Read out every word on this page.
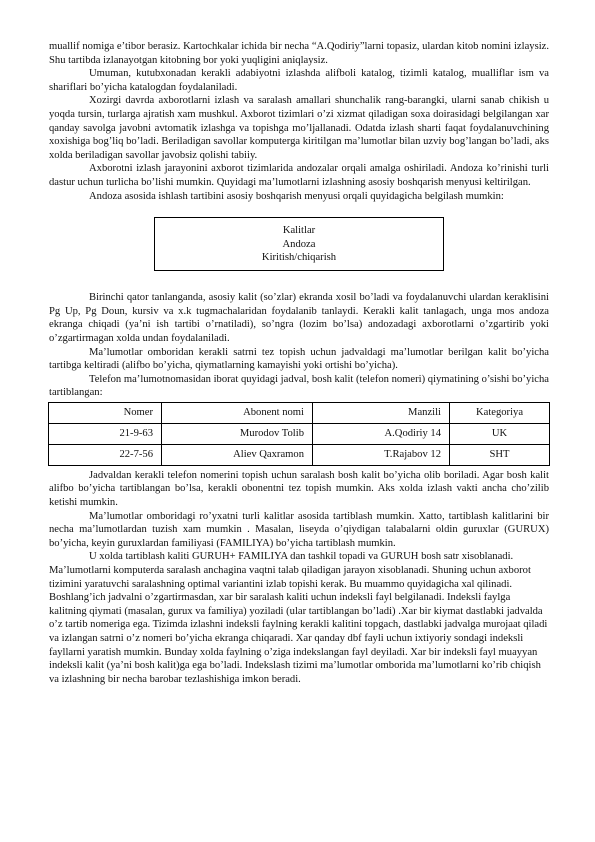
muallif nomiga e’tibor berasiz. Kartochkalar ichida bir necha “A.Qodiriy”larni topasiz, ulardan kitob nomini izlaysiz. Shu tartibda izlanayotgan kitobning bor yoki yuqligini aniqlaysiz.

Umuman, kutubxonadan kerakli adabiyotni izlashda alifboli katalog, tizimli katalog, mualliflar ism va shariflari bo’yicha katalogdan foydalaniladi.

Xozirgi davrda axborotlarni izlash va saralash amallari shunchalik rang-barangki, ularni sanab chikish u yoqda tursin, turlarga ajratish xam mushkul. Axborot tizimlari o’zi xizmat qiladigan soxa doirasidagi belgilangan xar qanday savolga javobni avtomatik izlashga va topishga mo’ljallanadi. Odatda izlash sharti faqat foydalanuvchining xoxishiga bog’liq bo’ladi. Beriladigan savollar komputerga kiritilgan ma’lumotlar bilan uzviy bog’langan bo’ladi, aks xolda beriladigan savollar javobsiz qolishi tabiiy.

Axborotni izlash jarayonini axborot tizimlarida andozalar orqali amalga oshiriladi. Andoza ko’rinishi turli dastur uchun turlicha bo’lishi mumkin. Quyidagi ma’lumotlarni izlashning asosiy boshqarish menyusi keltirilgan.

Andoza asosida ishlash tartibini asosiy boshqarish menyusi orqali quyidagicha belgilash mumkin:

Kalitlar
Andoza
Kiritish/chiqarish

Birinchi qator tanlanganda, asosiy kalit (so’zlar) ekranda xosil bo’ladi va foydalanuvchi ulardan keraklisini Pg Up, Pg Doun, kursiv va x.k tugmachalaridan foydalanib tanlaydi. Kerakli kalit tanlagach, unga mos andoza ekranga chiqadi (ya’ni ish tartibi o’rnatiladi), so’ngra (lozim bo’lsa) andozadagi axborotlarni o’zgartirib yoki o’zgartirmagan xolda undan foydalaniladi.

Ma’lumotlar omboridan kerakli satrni tez topish uchun jadvaldagi ma’lumotlar berilgan kalit bo’yicha tartibga keltiradi (alifbo bo’yicha, qiymatlarning kamayishi yoki ortishi bo’yicha).

Telefon ma’lumotnomasidan iborat quyidagi jadval, bosh kalit (telefon nomeri) qiymatining o’sishi bo’yicha tartiblangan:

Nomer	Abonent nomi	Manzili	Kategoriya
21-9-63	Murodov Tolib	A.Qodiriy 14	UK
22-7-56	Aliev Qaxramon	T.Rajabov 12	SHT

Jadvaldan kerakli telefon nomerini topish uchun saralash bosh kalit bo’yicha olib boriladi. Agar bosh kalit alifbo bo’yicha tartiblangan bo’lsa, kerakli obonentni tez topish mumkin. Aks xolda izlash vakti ancha cho’zilib ketishi mumkin.

Ma’lumotlar omboridagi ro’yxatni turli kalitlar asosida tartiblash mumkin. Xatto, tartiblash kalitlarini bir necha ma’lumotlardan tuzish xam mumkin . Masalan, liseyda o’qiydigan talabalarni oldin guruxlar (GURUX) bo’yicha, keyin guruxlardan familiyasi (FAMILIYA) bo’yicha tartiblash mumkin.

U xolda tartiblash kaliti GURUH+ FAMILIYA dan tashkil topadi va GURUH bosh satr xisoblanadi.

Ma’lumotlarni komputerda saralash anchagina vaqtni talab qiladigan jarayon xisoblanadi. Shuning uchun axborot tizimini yaratuvchi saralashning optimal variantini izlab topishi kerak. Bu muammo quyidagicha xal qilinadi. Boshlang’ich jadvalni o’zgartirmasdan, xar bir saralash kaliti uchun indeksli fayl belgilanadi. Indeksli faylga kalitning qiymati (masalan, gurux va familiya) yoziladi (ular tartiblangan bo’ladi) .Xar bir kiymat dastlabki jadvalda o’z tartib nomeriga ega. Tizimda izlashni indeksli faylning kerakli kalitini topgach, dastlabki jadvalga murojaat qiladi va izlangan satrni o’z nomeri bo’yicha ekranga chiqaradi. Xar qanday dbf fayli uchun ixtiyoriy sondagi indeksli fayllarni yaratish mumkin. Bunday xolda faylning o’ziga indekslangan fayl deyiladi. Xar bir indeksli fayl muayyan indeksli kalit (ya’ni bosh kalit)ga ega bo’ladi. Indekslash tizimi ma’lumotlar omborida ma’lumotlarni ko’rib chiqish va izlashning bir necha barobar tezlashishiga imkon beradi.
